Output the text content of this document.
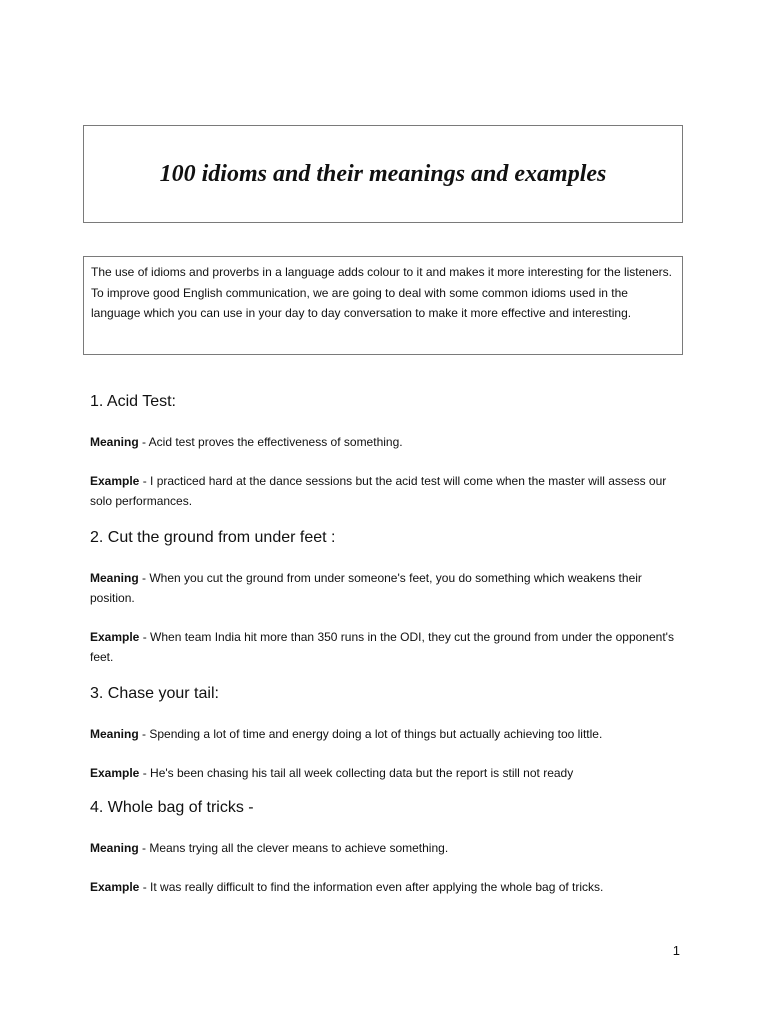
100 idioms and their meanings and examples

The use of idioms and proverbs in a language adds colour to it and makes it more interesting for the listeners.

To improve good English communication, we are going to deal with some common idioms used in the language which you can use in your day to day conversation to make it more effective and interesting.

1. Acid Test:

Meaning - Acid test proves the effectiveness of something.

Example - I practiced hard at the dance sessions but the acid test will come when the master will assess our solo performances.

2. Cut the ground from under feet :

Meaning - When you cut the ground from under someone's feet, you do something which weakens their position.

Example - When team India hit more than 350 runs in the ODI, they cut the ground from under the opponent's feet.

3. Chase your tail:

Meaning - Spending a lot of time and energy doing a lot of things but actually achieving too little.

Example - He's been chasing his tail all week collecting data but the report is still not ready

4. Whole bag of tricks -

Meaning - Means trying all the clever means to achieve something.

Example - It was really difficult to find the information even after applying the whole bag of tricks.

1
